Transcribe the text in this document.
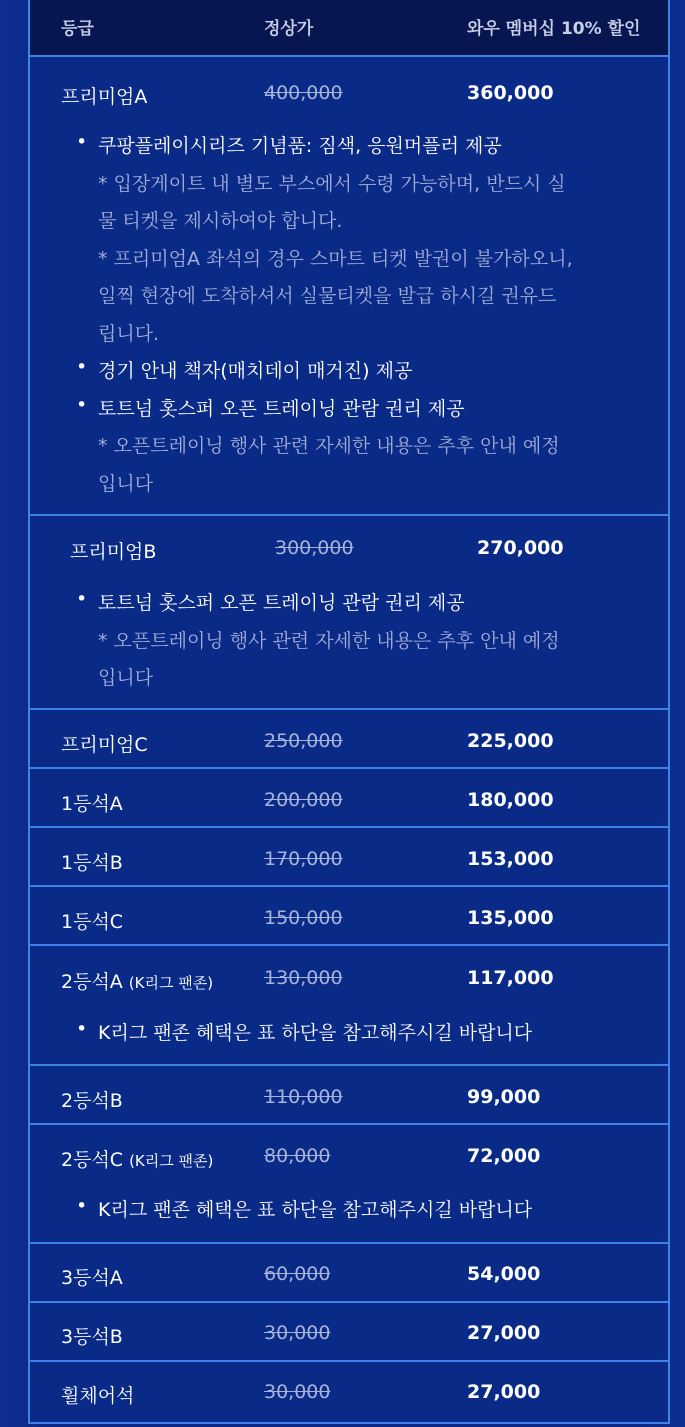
등급	정상가	와우 멤버십 10% 할인
프리미엄A	400,000	360,000
• 쿠팡플레이시리즈 기념품: 짐색, 응원머플러 제공
* 입장게이트 내 별도 부스에서 수령 가능하며, 반드시 실
물 티켓을 제시하여야 합니다.
* 프리미엄A 좌석의 경우 스마트 티켓 발권이 불가하오니,
일찍 현장에 도착하셔서 실물티켓을 발급 하시길 권유드
립니다.
• 경기 안내 책자(매치데이 매거진) 제공
• 토트넘 홋스퍼 오픈 트레이닝 관람 권리 제공
* 오픈트레이닝 행사 관련 자세한 내용은 추후 안내 예정
입니다
프리미엄B	300,000	270,000
• 토트넘 홋스퍼 오픈 트레이닝 관람 권리 제공
* 오픈트레이닝 행사 관련 자세한 내용은 추후 안내 예정
입니다
프리미엄C	250,000	225,000
1등석A	200,000	180,000
1등석B	170,000	153,000
1등석C	150,000	135,000
2등석A (K리그 팬존)	130,000	117,000
• K리그 팬존 혜택은 표 하단을 참고해주시길 바랍니다
2등석B	110,000	99,000
2등석C (K리그 팬존)	80,000	72,000
• K리그 팬존 혜택은 표 하단을 참고해주시길 바랍니다
3등석A	60,000	54,000
3등석B	30,000	27,000
휠체어석	30,000	27,000
